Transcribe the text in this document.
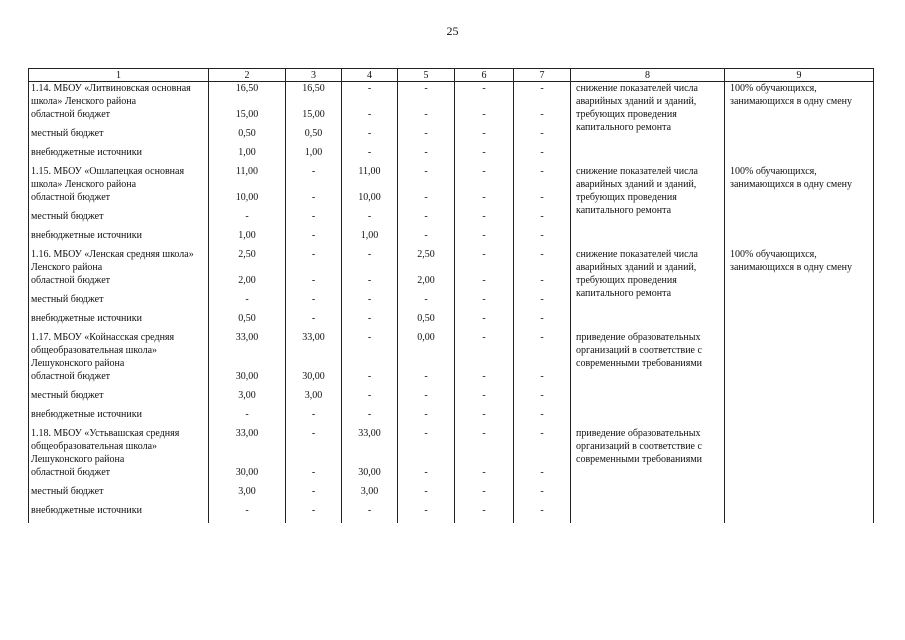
25
1	2	3	4	5	6	7	8	9
1.14. МБОУ «Литвиновская основная школа» Ленского района	16,50	16,50	-	-	-	-	снижение показателей числа аварийных зданий и зданий, требующих проведения капитального ремонта	100% обучающихся, занимающихся в одну смену
областной бюджет	15,00	15,00	-	-	-	-		
местный бюджет	0,50	0,50	-	-	-	-		
внебюджетные источники	1,00	1,00	-	-	-	-		
1.15. МБОУ «Ошлапецкая основная школа» Ленского района	11,00	-	11,00	-	-	-	снижение показателей числа аварийных зданий и зданий, требующих проведения капитального ремонта	100% обучающихся, занимающихся в одну смену
областной бюджет	10,00	-	10,00	-	-	-		
местный бюджет	-	-	-	-	-	-		
внебюджетные источники	1,00	-	1,00	-	-	-		
1.16. МБОУ «Ленская средняя школа» Ленского района	2,50	-	-	2,50	-	-	снижение показателей числа аварийных зданий и зданий, требующих проведения капитального ремонта	100% обучающихся, занимающихся в одну смену
областной бюджет	2,00	-	-	2,00	-	-		
местный бюджет	-	-	-	-	-	-		
внебюджетные источники	0,50	-	-	0,50	-	-		
1.17. МБОУ «Койнасская средняя общеобразовательная школа» Лешуконского района	33,00	33,00	-	0,00	-	-	приведение образовательных организаций в соответствие с современными требованиями	
областной бюджет	30,00	30,00	-	-	-	-		
местный бюджет	3,00	3,00	-	-	-	-		
внебюджетные источники	-	-	-	-	-	-		
1.18. МБОУ «Устьвашская средняя общеобразовательная школа» Лешуконского района	33,00	-	33,00	-	-	-	приведение образовательных организаций в соответствие с современными требованиями	
областной бюджет	30,00	-	30,00	-	-	-		
местный бюджет	3,00	-	3,00	-	-	-		
внебюджетные источники	-	-	-	-	-	-		
